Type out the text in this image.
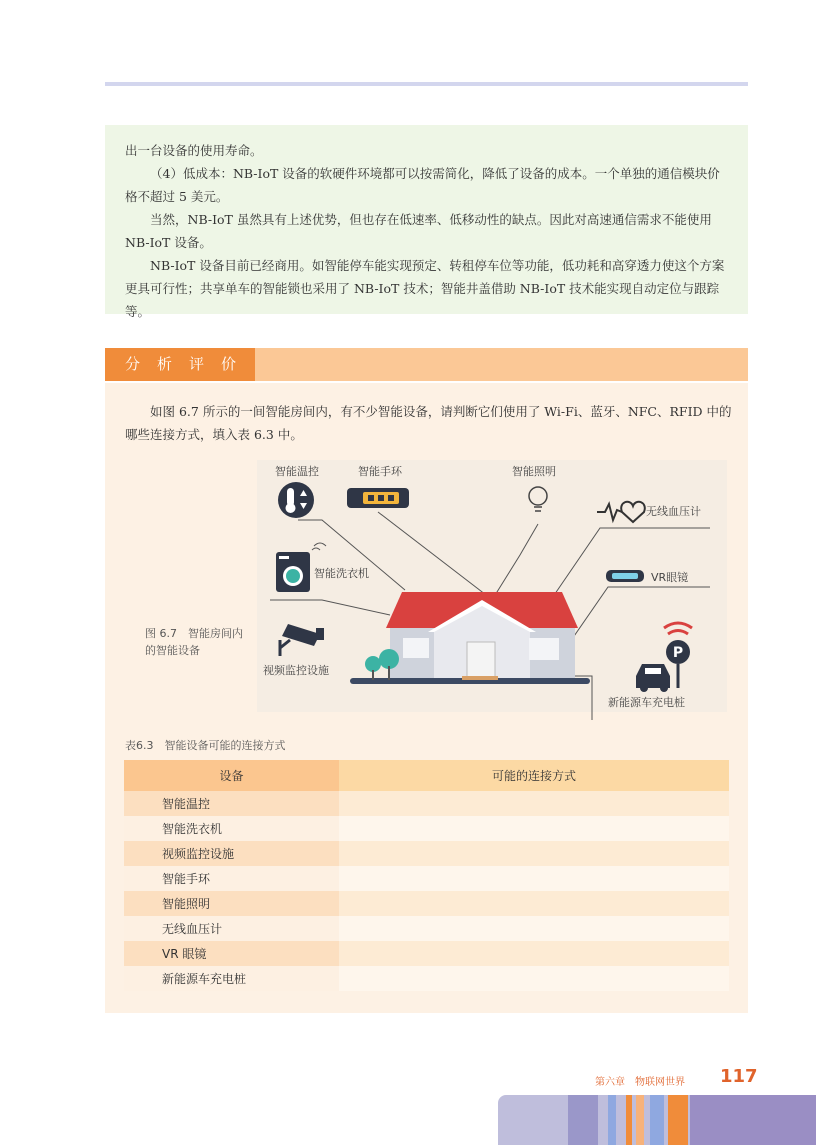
出一台设备的使用寿命。

（4）低成本：NB-IoT 设备的软硬件环境都可以按需简化，降低了设备的成本。一个单独的通信模块价格不超过 5 美元。

当然，NB-IoT 虽然具有上述优势，但也存在低速率、低移动性的缺点。因此对高速通信需求不能使用 NB-IoT 设备。

NB-IoT 设备目前已经商用。如智能停车能实现预定、转租停车位等功能，低功耗和高穿透力使这个方案更具可行性；共享单车的智能锁也采用了 NB-IoT 技术；智能井盖借助 NB-IoT 技术能实现自动定位与跟踪等。

分析评价

如图 6.7 所示的一间智能房间内，有不少智能设备，请判断它们使用了 Wi-Fi、蓝牙、NFC、RFID 中的哪些连接方式，填入表 6.3 中。

P
智能温控	智能手环	智能照明
无线血压计
智能洗衣机	VR眼镜
视频监控设施
新能源车充电桩
图 6.7　智能房间内的智能设备
表6.3　智能设备可能的连接方式
设备	可能的连接方式
智能温控	
智能洗衣机	
视频监控设施	
智能手环	
智能照明	
无线血压计	
VR 眼镜	
新能源车充电桩	
第六章　物联网世界 117
